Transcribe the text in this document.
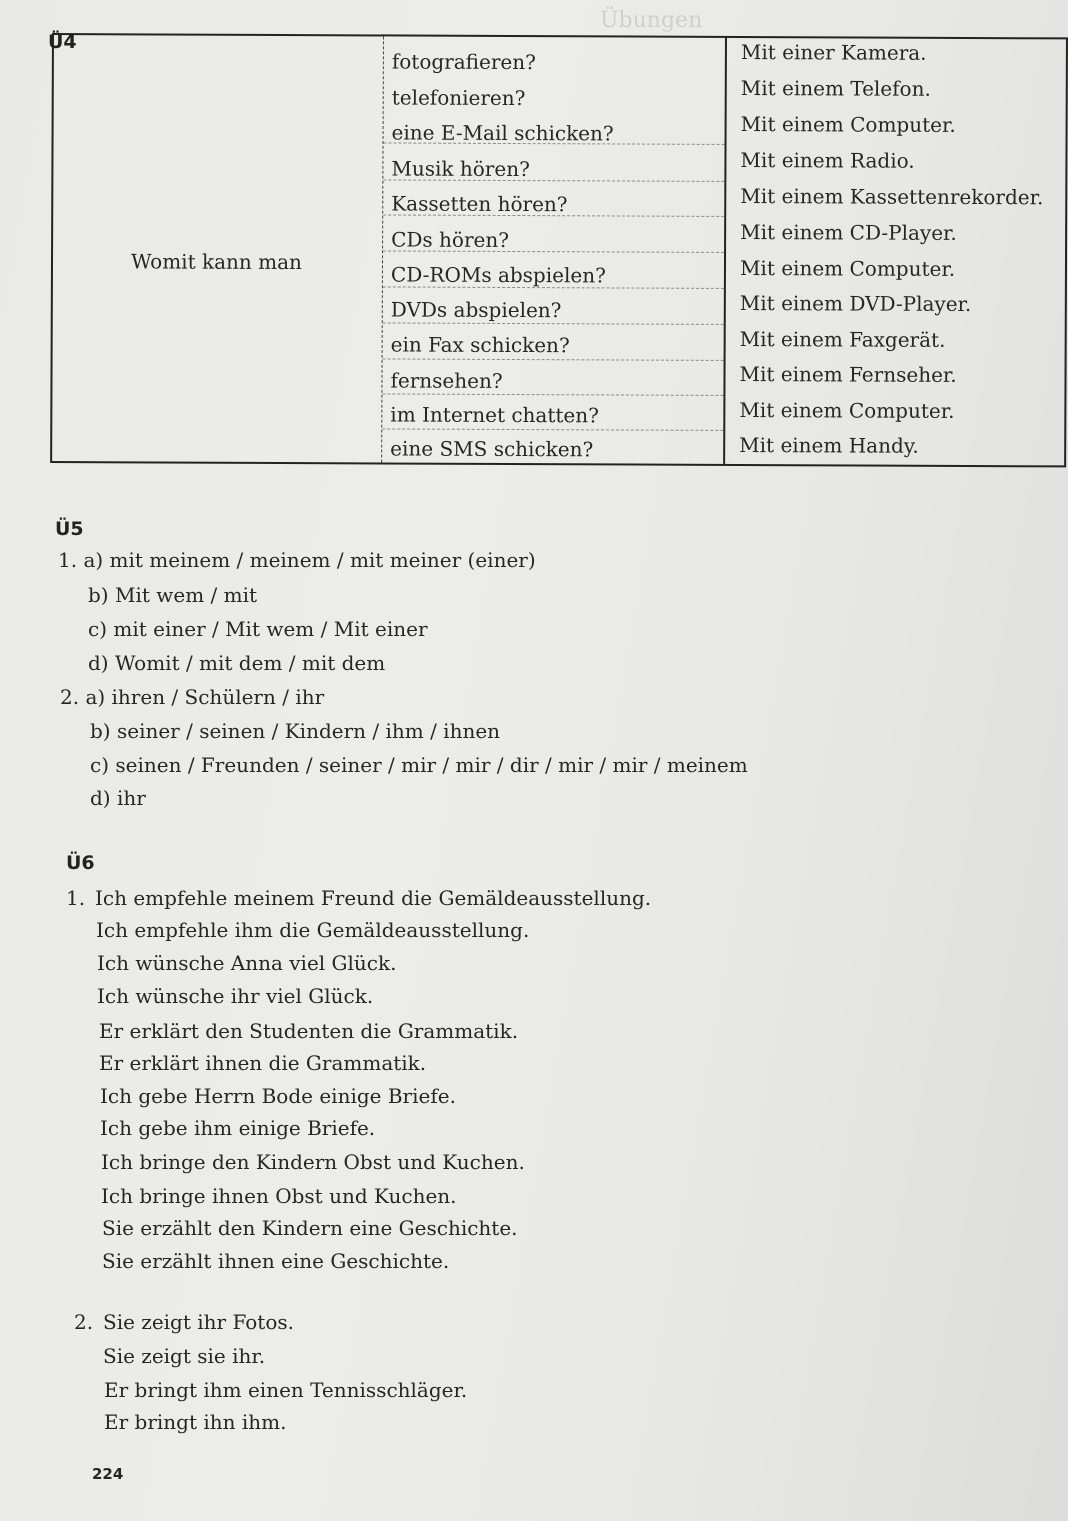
Übungen
Ü4
Womit kann man
fotografieren?
telefonieren?
eine E-Mail schicken?
Musik hören?
Kassetten hören?
CDs hören?
CD-ROMs abspielen?
DVDs abspielen?
ein Fax schicken?
fernsehen?
im Internet chatten?
eine SMS schicken?
Mit einer Kamera.
Mit einem Telefon.
Mit einem Computer.
Mit einem Radio.
Mit einem Kassettenrekorder.
Mit einem CD-Player.
Mit einem Computer.
Mit einem DVD-Player.
Mit einem Faxgerät.
Mit einem Fernseher.
Mit einem Computer.
Mit einem Handy.
Ü5
1. a) mit meinem / meinem / mit meiner (einer)
b) Mit wem / mit
c) mit einer / Mit wem / Mit einer
d) Womit / mit dem / mit dem
2. a) ihren / Schülern / ihr
b) seiner / seinen / Kindern / ihm / ihnen
c) seinen / Freunden / seiner / mir / mir / dir / mir / mir / meinem
d) ihr
Ü6
1. Ich empfehle meinem Freund die Gemäldeausstellung.
Ich empfehle ihm die Gemäldeausstellung.
Ich wünsche Anna viel Glück.
Ich wünsche ihr viel Glück.
Er erklärt den Studenten die Grammatik.
Er erklärt ihnen die Grammatik.
Ich gebe Herrn Bode einige Briefe.
Ich gebe ihm einige Briefe.
Ich bringe den Kindern Obst und Kuchen.
Ich bringe ihnen Obst und Kuchen.
Sie erzählt den Kindern eine Geschichte.
Sie erzählt ihnen eine Geschichte.
2. Sie zeigt ihr Fotos.
Sie zeigt sie ihr.
Er bringt ihm einen Tennisschläger.
Er bringt ihn ihm.
224
